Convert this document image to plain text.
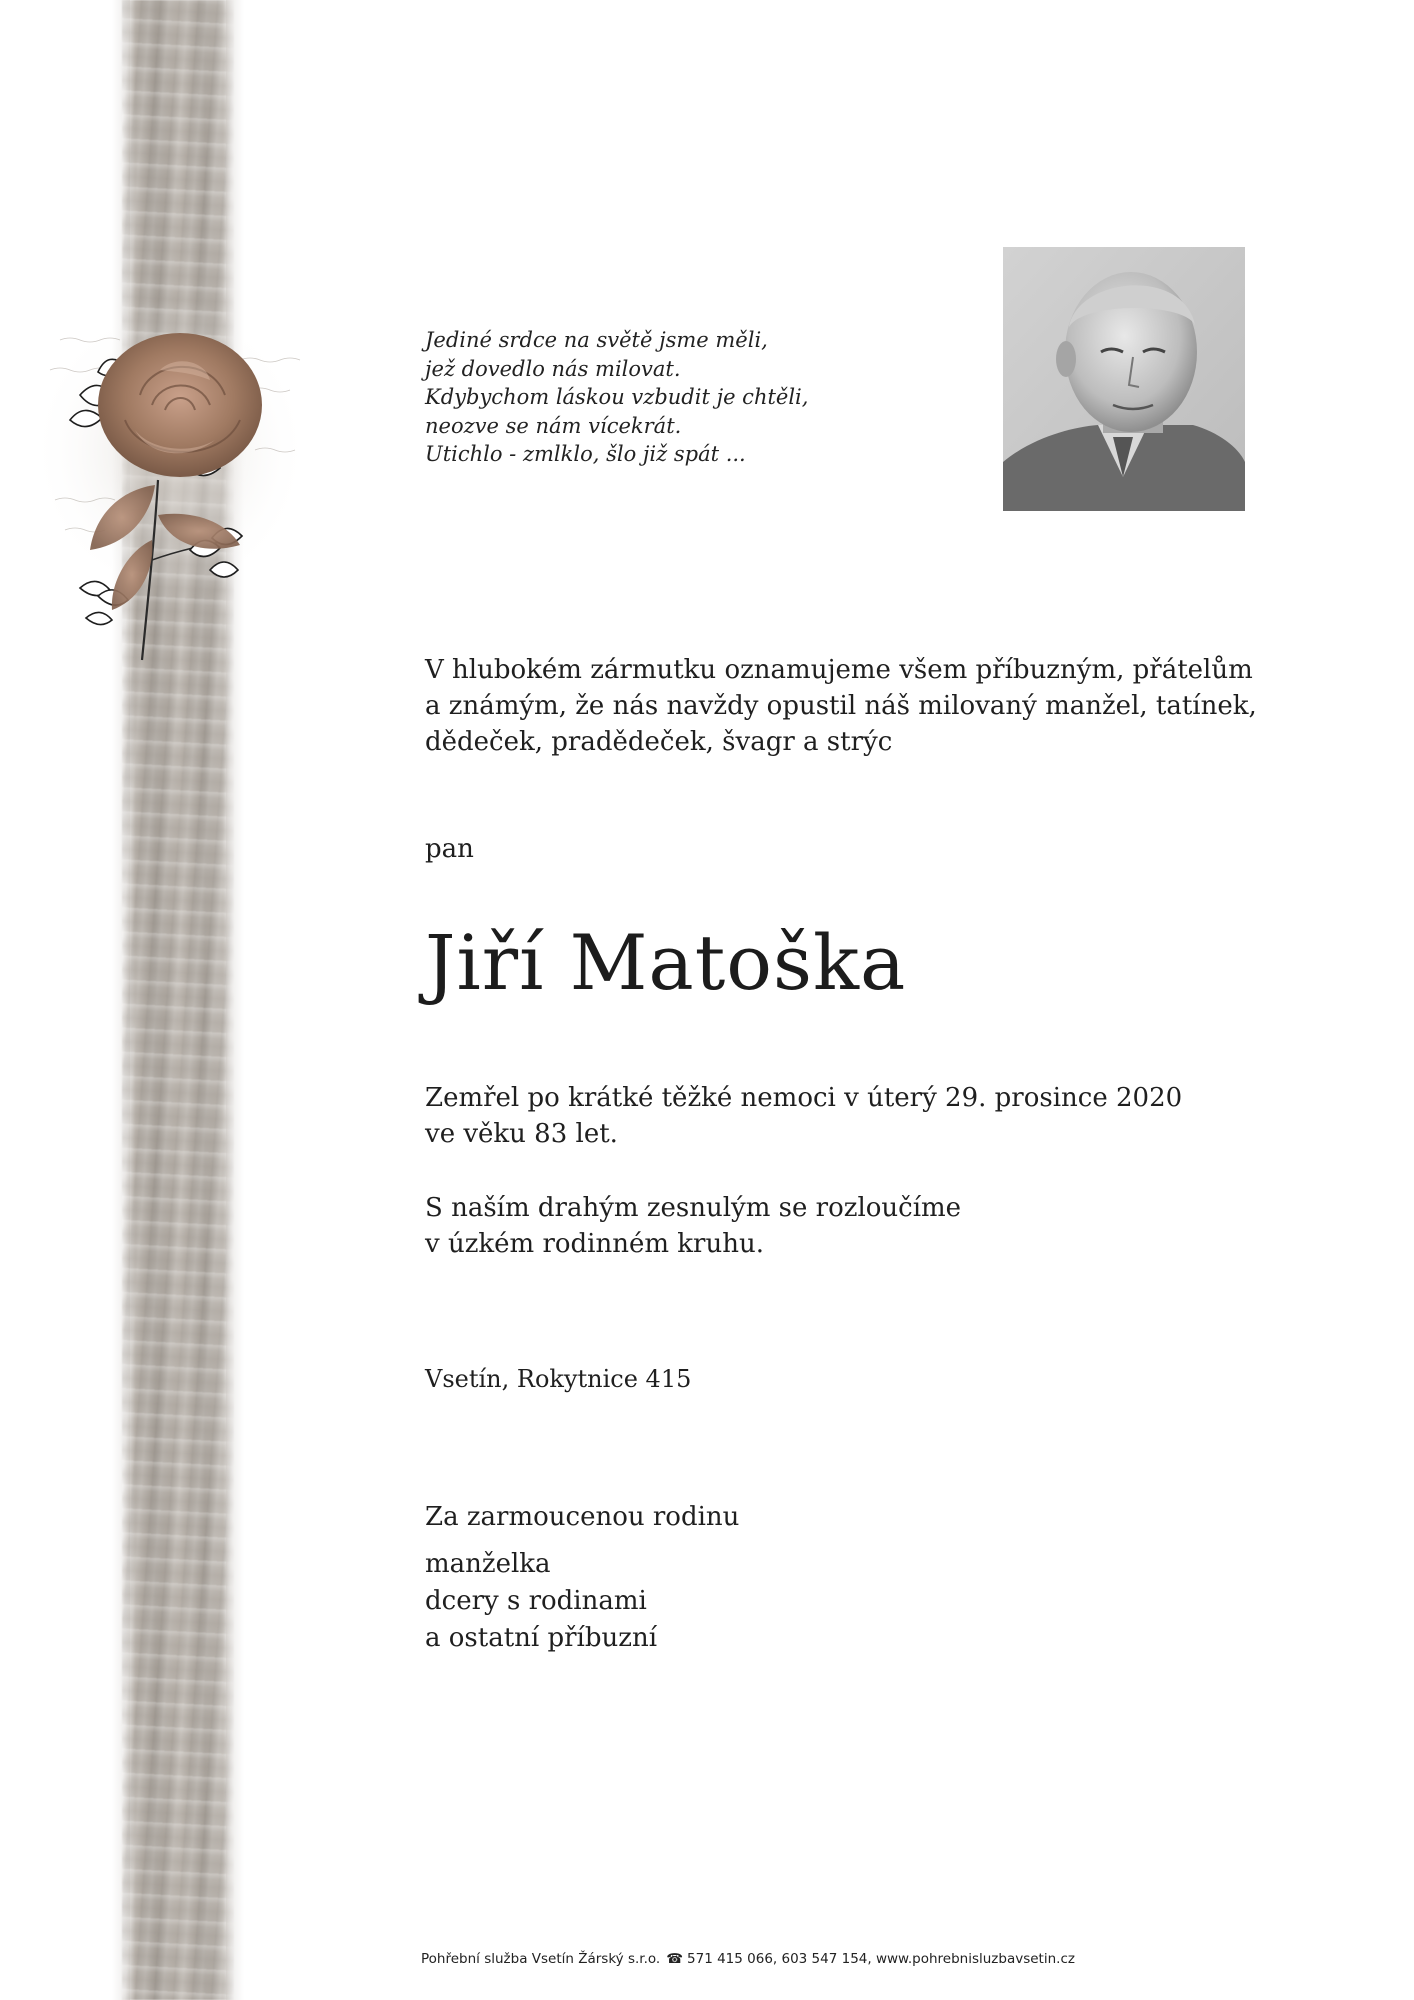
Jediné srdce na světě jsme měli,
jež dovedlo nás milovat.
Kdybychom láskou vzbudit je chtěli,
neozve se nám vícekrát.
Utichlo - zmlklo, šlo již spát ...
V hlubokém zármutku oznamujeme všem příbuzným, přátelům
a známým, že nás navždy opustil náš milovaný manžel, tatínek,
dědeček, pradědeček, švagr a strýc
pan
Jiří Matoška
Zemřel po krátké těžké nemoci v úterý 29. prosince 2020
ve věku 83 let.
S naším drahým zesnulým se rozloučíme
v úzkém rodinném kruhu.
Vsetín, Rokytnice 415
Za zarmoucenou rodinu
manželka
dcery s rodinami
a ostatní příbuzní
Pohřební služba Vsetín Žárský s.r.o. ☎ 571 415 066, 603 547 154, www.pohrebnisluzbavsetin.cz
